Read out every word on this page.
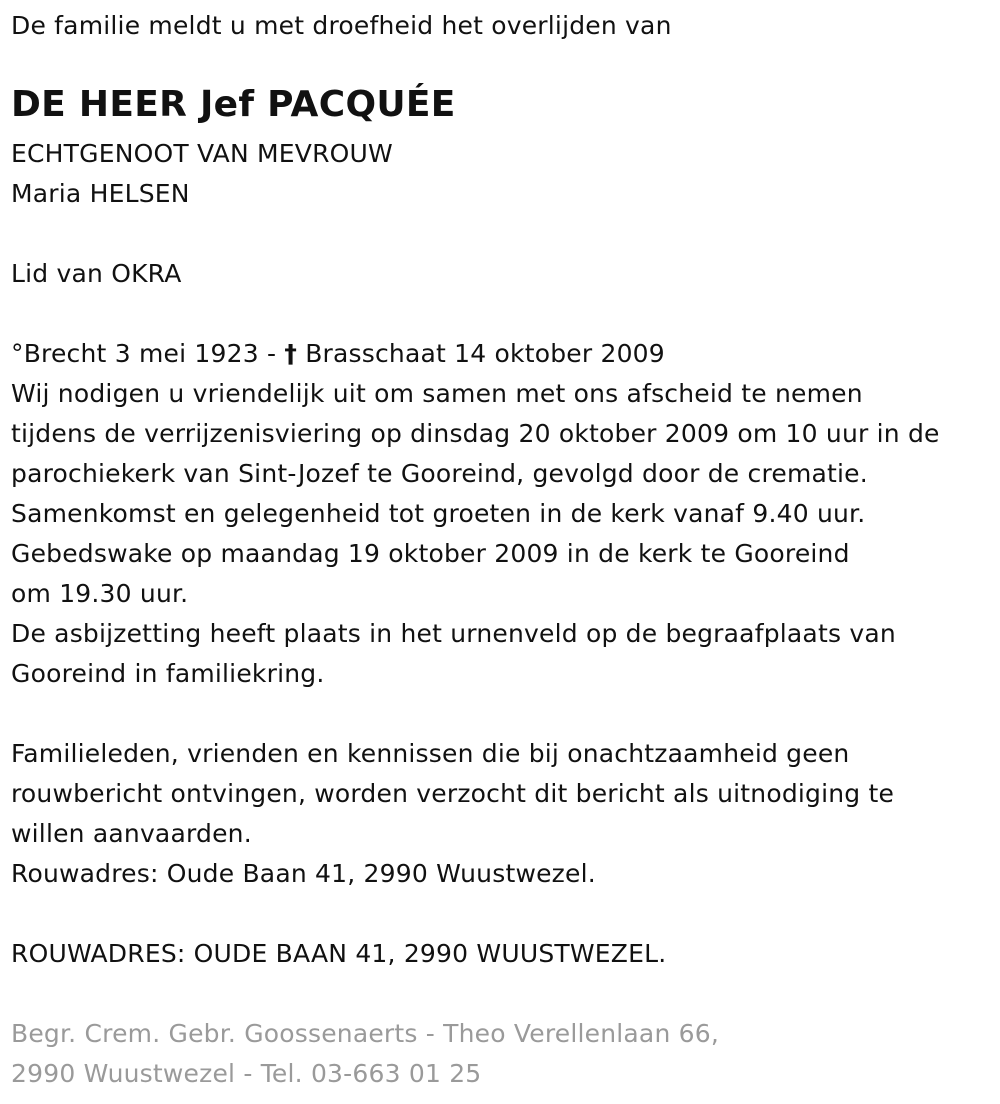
De familie meldt u met droefheid het overlijden van
DE HEER Jef PACQUÉE
ECHTGENOOT VAN MEVROUW
Maria HELSEN
Lid van OKRA
°Brecht 3 mei 1923 - † Brasschaat 14 oktober 2009
Wij nodigen u vriendelijk uit om samen met ons afscheid te nemen
tijdens de verrijzenisviering op dinsdag 20 oktober 2009 om 10 uur in de
parochiekerk van Sint-Jozef te Gooreind, gevolgd door de crematie.
Samenkomst en gelegenheid tot groeten in de kerk vanaf 9.40 uur.
Gebedswake op maandag 19 oktober 2009 in de kerk te Gooreind
om 19.30 uur.
De asbijzetting heeft plaats in het urnenveld op de begraafplaats van
Gooreind in familiekring.
Familieleden, vrienden en kennissen die bij onachtzaamheid geen
rouwbericht ontvingen, worden verzocht dit bericht als uitnodiging te
willen aanvaarden.
Rouwadres: Oude Baan 41, 2990 Wuustwezel.
ROUWADRES: OUDE BAAN 41, 2990 WUUSTWEZEL.
Begr. Crem. Gebr. Goossenaerts - Theo Verellenlaan 66,
2990 Wuustwezel - Tel. 03-663 01 25
